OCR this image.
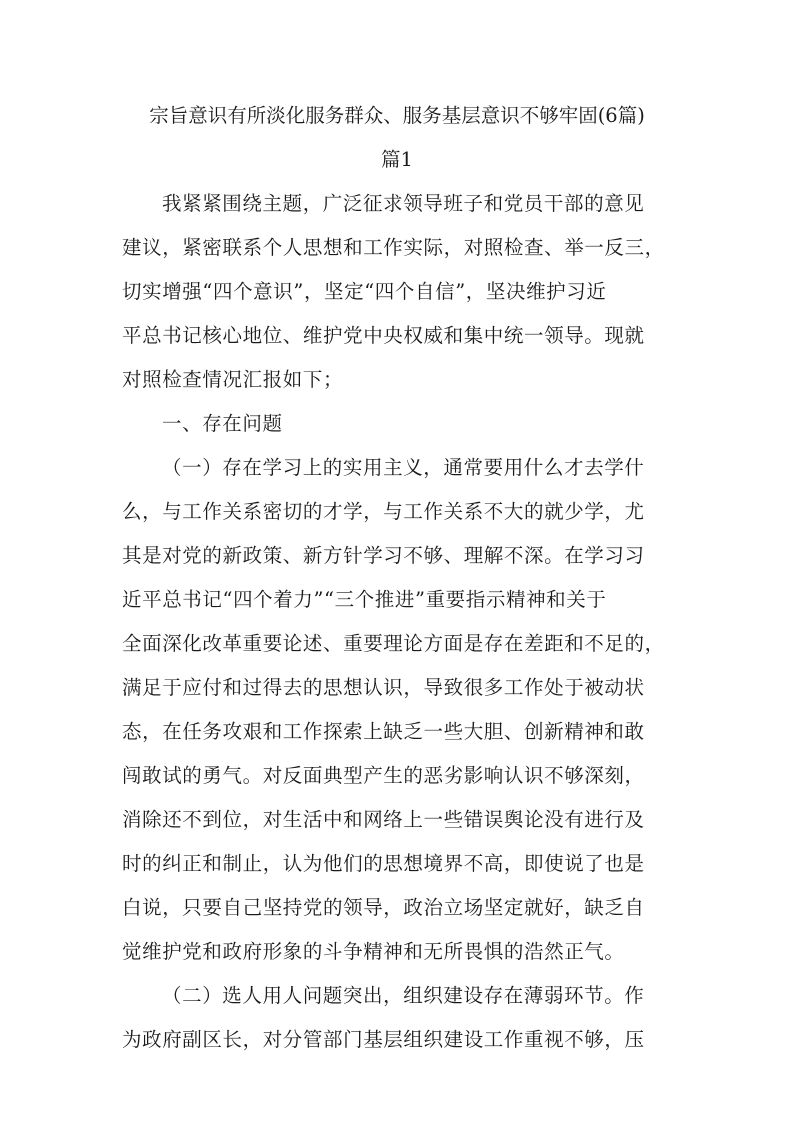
宗旨意识有所淡化服务群众、服务基层意识不够牢固(6篇)
篇1
我紧紧围绕主题，广泛征求领导班子和党员干部的意见
建议，紧密联系个人思想和工作实际，对照检查、举一反三，
切实增强“四个意识”，坚定“四个自信”，坚决维护习近
平总书记核心地位、维护党中央权威和集中统一领导。现就
对照检查情况汇报如下；
一、存在问题
（一）存在学习上的实用主义，通常要用什么才去学什
么，与工作关系密切的才学，与工作关系不大的就少学，尤
其是对党的新政策、新方针学习不够、理解不深。在学习习
近平总书记“四个着力”“三个推进”重要指示精神和关于
全面深化改革重要论述、重要理论方面是存在差距和不足的，
满足于应付和过得去的思想认识，导致很多工作处于被动状
态，在任务攻艰和工作探索上缺乏一些大胆、创新精神和敢
闯敢试的勇气。对反面典型产生的恶劣影响认识不够深刻，
消除还不到位，对生活中和网络上一些错误舆论没有进行及
时的纠正和制止，认为他们的思想境界不高，即使说了也是
白说，只要自己坚持党的领导，政治立场坚定就好，缺乏自
觉维护党和政府形象的斗争精神和无所畏惧的浩然正气。
（二）选人用人问题突出，组织建设存在薄弱环节。作
为政府副区长，对分管部门基层组织建设工作重视不够，压
